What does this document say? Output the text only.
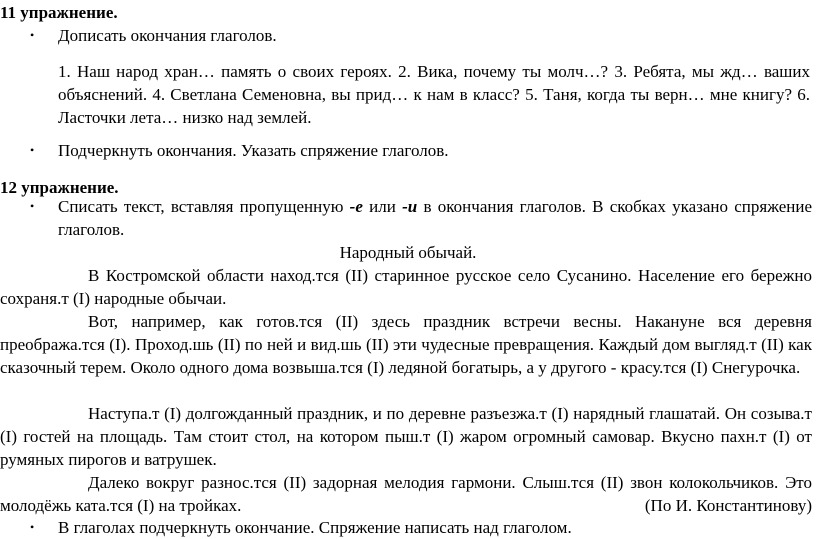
11 упражнение.
• Дописать окончания глаголов.
1. Наш народ хран… память о своих героях. 2. Вика, почему ты молч…? 3. Ребята, мы жд… ваших объяснений. 4. Светлана Семеновна, вы прид… к нам в класс? 5. Таня, когда ты верн… мне книгу? 6. Ласточки лета… низко над землей.
• Подчеркнуть окончания. Указать спряжение глаголов.
12 упражнение.
• Списать текст, вставляя пропущенную -е или -и в окончания глаголов. В скобках указано спряжение глаголов.
Народный обычай.
В Костромской области наход.тся (II) старинное русское село Сусанино. Население его бережно сохраня.т (I) народные обычаи.
Вот, например, как готов.тся (II) здесь праздник встречи весны. Накануне вся деревня преобража.тся (I). Проход.шь (II) по ней и вид.шь (II) эти чудесные превращения. Каждый дом выгляд.т (II) как сказочный терем. Около одного дома возвыша.тся (I) ледяной богатырь, а у другого - красу.тся (I) Снегурочка.
Наступа.т (I) долгожданный праздник, и по деревне разъезжа.т (I) нарядный глашатай. Он созыва.т (I) гостей на площадь. Там стоит стол, на котором пыш.т (I) жаром огромный самовар. Вкусно пахн.т (I) от румяных пирогов и ватрушек.
Далеко вокруг разнос.тся (II) задорная мелодия гармони. Слыш.тся (II) звон колокольчиков. Это молодёжь ката.тся (I) на тройках.	(По И. Константинову)
• В глаголах подчеркнуть окончание. Спряжение написать над глаголом.
